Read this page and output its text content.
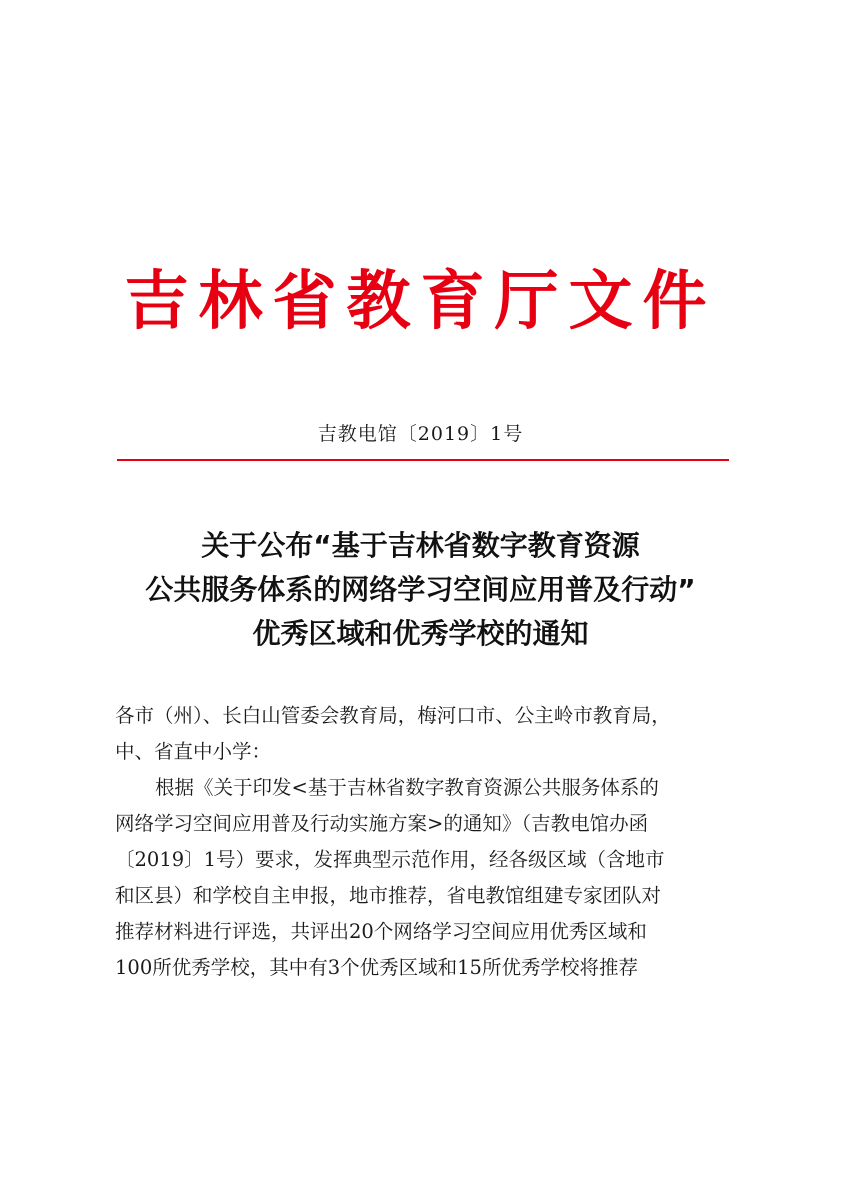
吉林省教育厅文件
吉教电馆〔2019〕1号
关于公布“基于吉林省数字教育资源
公共服务体系的网络学习空间应用普及行动”
优秀区域和优秀学校的通知

各市（州）、长白山管委会教育局，梅河口市、公主岭市教育局，

中、省直中小学：

根据《关于印发<基于吉林省数字教育资源公共服务体系的

网络学习空间应用普及行动实施方案>的通知》（吉教电馆办函

〔2019〕1号）要求，发挥典型示范作用，经各级区域（含地市

和区县）和学校自主申报，地市推荐，省电教馆组建专家团队对

推荐材料进行评选，共评出20个网络学习空间应用优秀区域和

100所优秀学校，其中有3个优秀区域和15所优秀学校将推荐
